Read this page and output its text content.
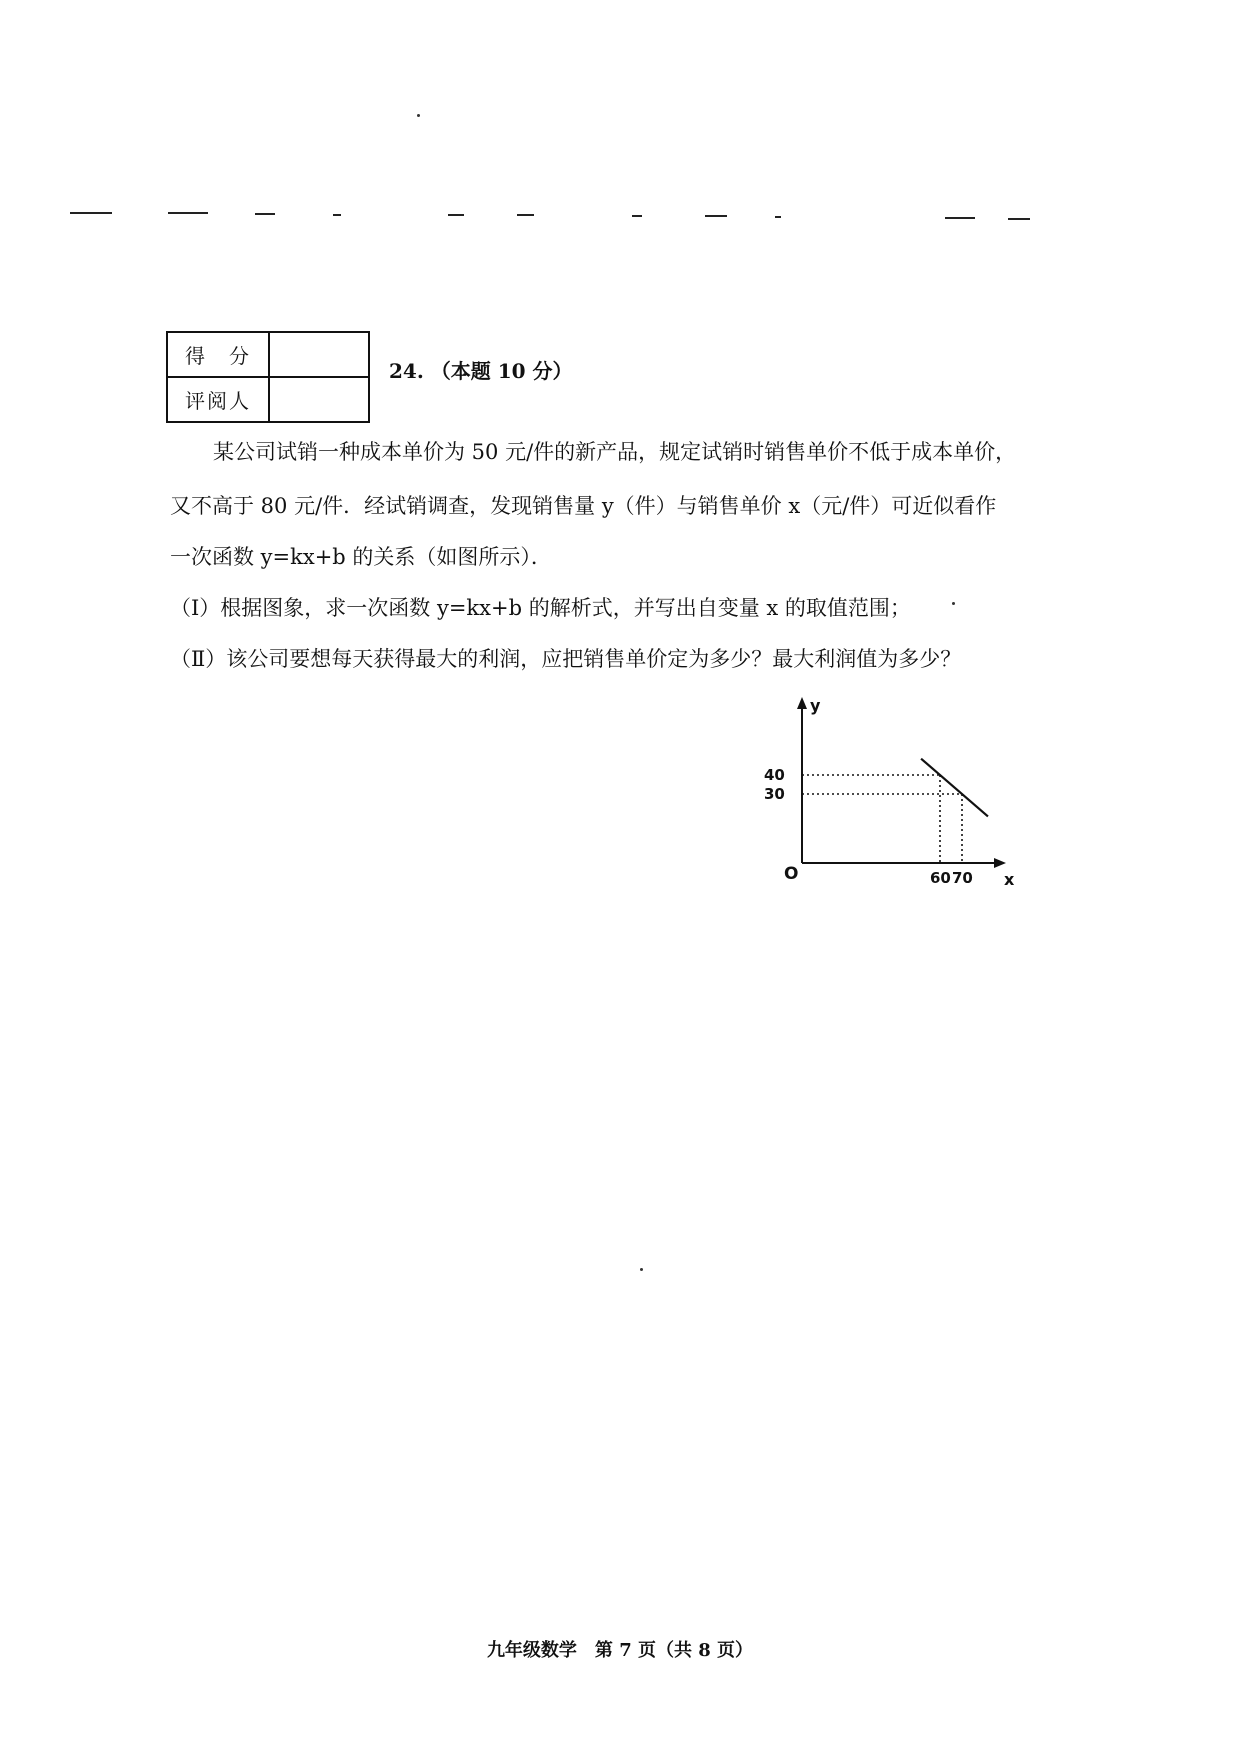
得　分	
评阅人	
24. （本题 10 分）
某公司试销一种成本单价为 50 元/件的新产品，规定试销时销售单价不低于成本单价，
又不高于 80 元/件．经试销调查，发现销售量 y（件）与销售单价 x（元/件）可近似看作
一次函数 y=kx+b 的关系（如图所示）．
（Ⅰ）根据图象，求一次函数 y=kx+b 的解析式，并写出自变量 x 的取值范围；
（Ⅱ）该公司要想每天获得最大的利润，应把销售单价定为多少？最大利润值为多少？
40
30
60 70
O	x
y
九年级数学　第 7 页（共 8 页）
